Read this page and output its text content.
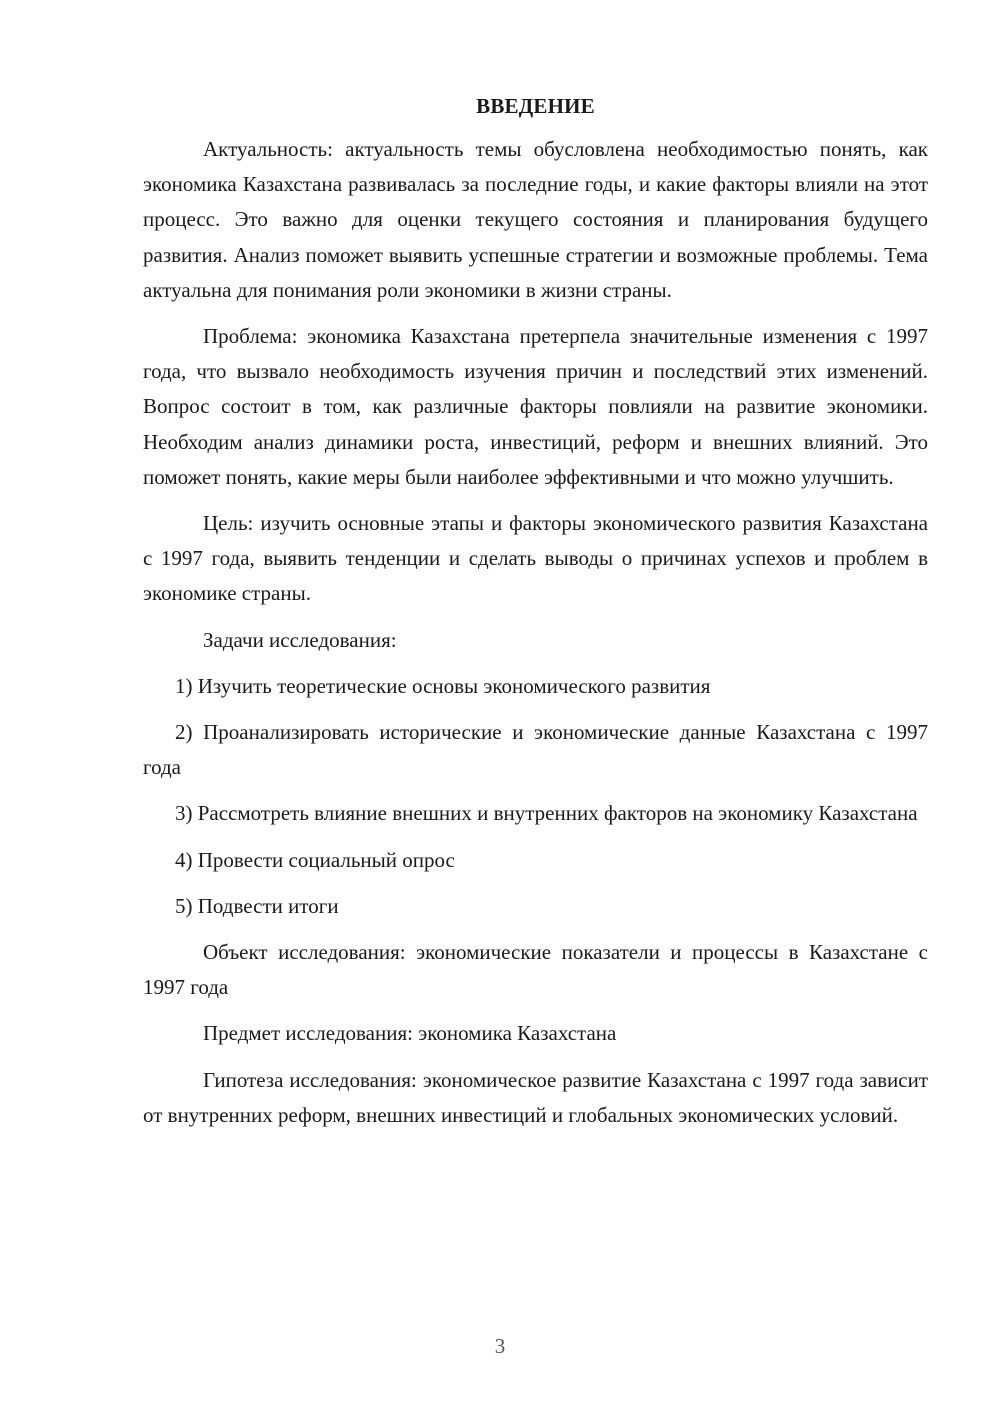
ВВЕДЕНИЕ

Актуальность: актуальность темы обусловлена необходимостью понять, как экономика Казахстана развивалась за последние годы, и какие факторы влияли на этот процесс. Это важно для оценки текущего состояния и планирования будущего развития. Анализ поможет выявить успешные стратегии и возможные проблемы. Тема актуальна для понимания роли экономики в жизни страны.

Проблема: экономика Казахстана претерпела значительные изменения с 1997 года, что вызвало необходимость изучения причин и последствий этих изменений. Вопрос состоит в том, как различные факторы повлияли на развитие экономики. Необходим анализ динамики роста, инвестиций, реформ и внешних влияний. Это поможет понять, какие меры были наиболее эффективными и что можно улучшить.

Цель: изучить основные этапы и факторы экономического развития Казахстана с 1997 года, выявить тенденции и сделать выводы о причинах успехов и проблем в экономике страны.

Задачи исследования:

1) Изучить теоретические основы экономического развития

2) Проанализировать исторические и экономические данные Казахстана с 1997 года

3) Рассмотреть влияние внешних и внутренних факторов на экономику Казахстана

4) Провести социальный опрос

5) Подвести итоги

Объект исследования: экономические показатели и процессы в Казахстане с 1997 года

Предмет исследования: экономика Казахстана

Гипотеза исследования: экономическое развитие Казахстана с 1997 года зависит от внутренних реформ, внешних инвестиций и глобальных экономических условий.

3
